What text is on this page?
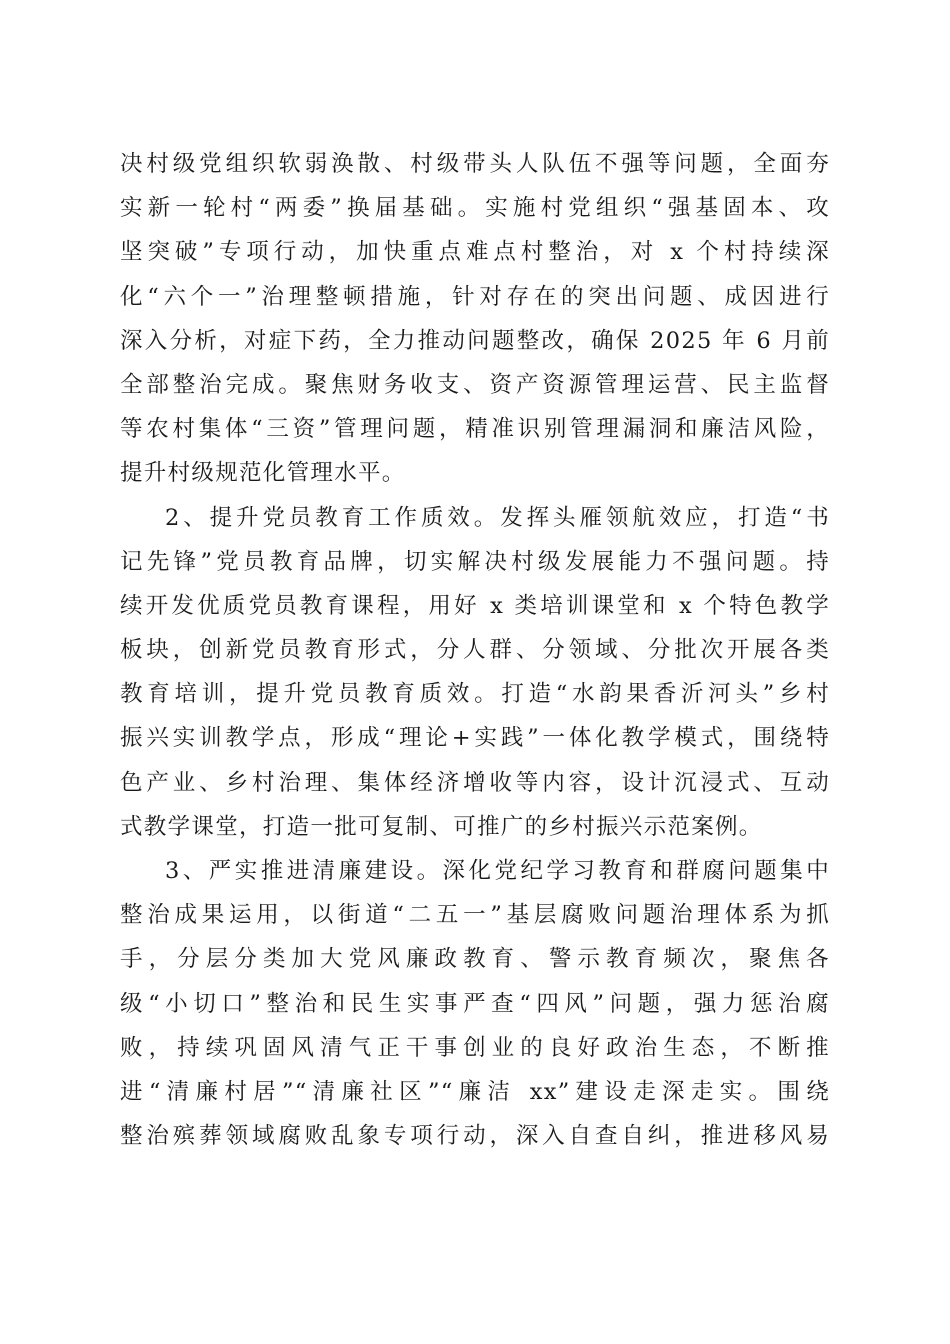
决村级党组织软弱涣散、村级带头人队伍不强等问题，全面夯
实新一轮村“两委”换届基础。实施村党组织“强基固本、攻
坚突破”专项行动，加快重点难点村整治，对 x 个村持续深
化“六个一”治理整顿措施，针对存在的突出问题、成因进行
深入分析，对症下药，全力推动问题整改，确保 2025 年 6 月前
全部整治完成。聚焦财务收支、资产资源管理运营、民主监督
等农村集体“三资”管理问题，精准识别管理漏洞和廉洁风险，
提升村级规范化管理水平。
2、提升党员教育工作质效。发挥头雁领航效应，打造“书
记先锋”党员教育品牌，切实解决村级发展能力不强问题。持
续开发优质党员教育课程，用好 x 类培训课堂和 x 个特色教学
板块，创新党员教育形式，分人群、分领域、分批次开展各类
教育培训，提升党员教育质效。打造“水韵果香沂河头”乡村
振兴实训教学点，形成“理论+实践”一体化教学模式，围绕特
色产业、乡村治理、集体经济增收等内容，设计沉浸式、互动
式教学课堂，打造一批可复制、可推广的乡村振兴示范案例。
3、严实推进清廉建设。深化党纪学习教育和群腐问题集中
整治成果运用，以街道“二五一”基层腐败问题治理体系为抓
手，分层分类加大党风廉政教育、警示教育频次，聚焦各
级“小切口”整治和民生实事严查“四风”问题，强力惩治腐
败，持续巩固风清气正干事创业的良好政治生态，不断推
进“清廉村居”“清廉社区”“廉洁 xx”建设走深走实。围绕
整治殡葬领域腐败乱象专项行动，深入自查自纠，推进移风易
